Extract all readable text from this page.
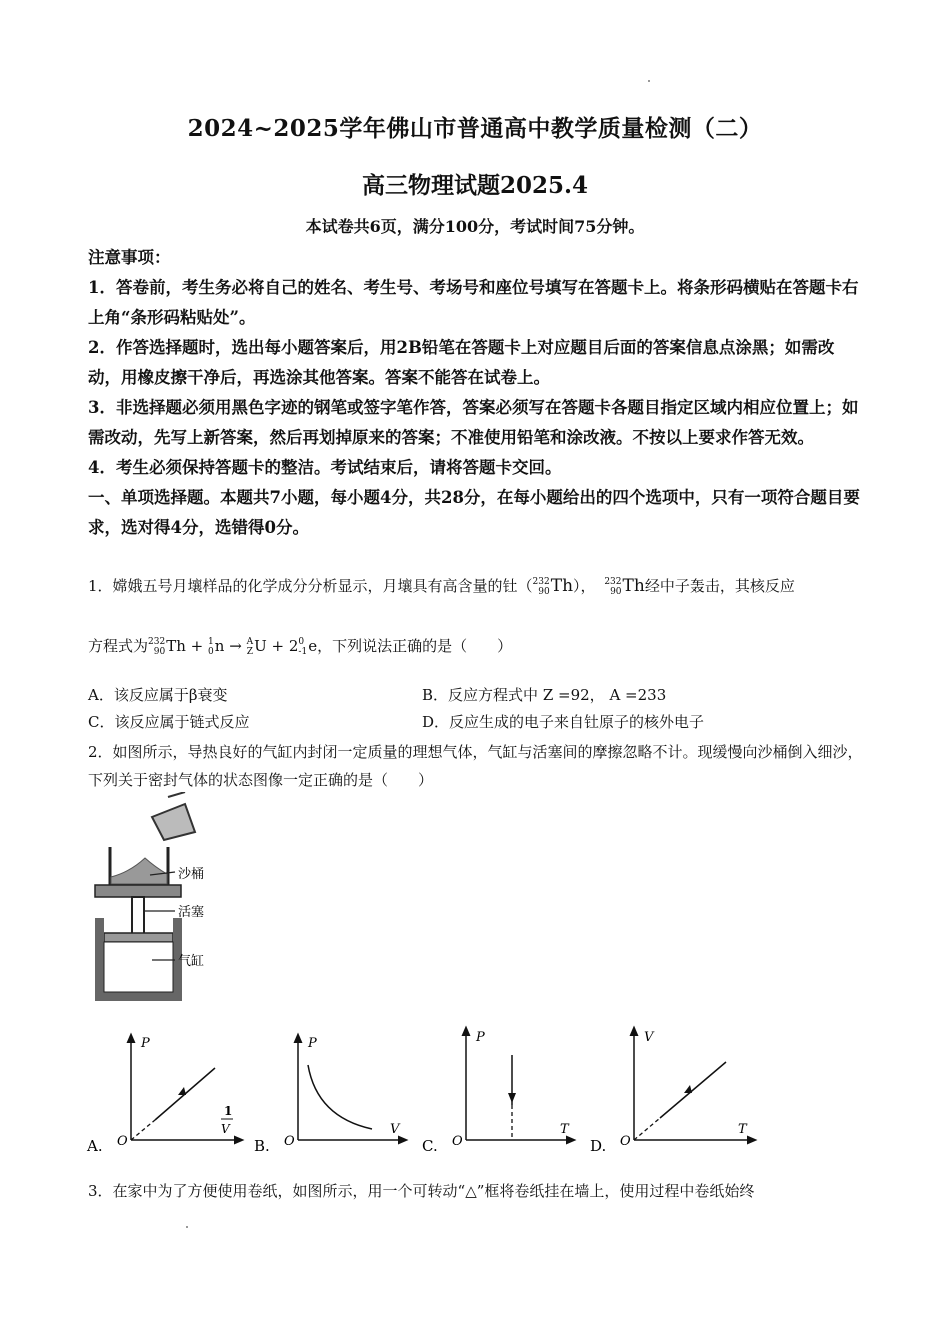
2024~2025学年佛山市普通高中教学质量检测（二）
高三物理试题2025.4
本试卷共6页，满分100分，考试时间75分钟。

注意事项：

1．答卷前，考生务必将自己的姓名、考生号、考场号和座位号填写在答题卡上。将条形码横贴在答题卡右上角“条形码粘贴处”。

2．作答选择题时，选出每小题答案后，用2B铅笔在答题卡上对应题目后面的答案信息点涂黑；如需改动，用橡皮擦干净后，再选涂其他答案。答案不能答在试卷上。

3．非选择题必须用黑色字迹的钢笔或签字笔作答，答案必须写在答题卡各题目指定区域内相应位置上；如需改动，先写上新答案，然后再划掉原来的答案；不准使用铅笔和涂改液。不按以上要求作答无效。

4．考生必须保持答题卡的整洁。考试结束后，请将答题卡交回。

一、单项选择题。本题共7小题，每小题4分，共28分，在每小题给出的四个选项中，只有一项符合题目要求，选对得4分，选错得0分。

1．嫦娥五号月壤样品的化学成分分析显示，月壤具有高含量的钍（232
90Th）， 232
90Th经中子轰击，其核反应
方程式为232
90Th + 1
0n → A
ZU + 20
-1e，下列说法正确的是（　　）
A．该反应属于β衰变	B．反应方程式中 Z =92， A =233
C．该反应属于链式反应	D．反应生成的电子来自钍原子的核外电子
2．如图所示，导热良好的气缸内封闭一定质量的理想气体，气缸与活塞间的摩擦忽略不计。现缓慢向沙桶倒入细沙，下列关于密封气体的状态图像一定正确的是（　　）
沙桶
活塞
气缸
P
1
V
O
A.
P
V
O
B.
P
T
O
C.
V
T
O
D.
3．在家中为了方便使用卷纸，如图所示，用一个可转动“△”框将卷纸挂在墙上，使用过程中卷纸始终
